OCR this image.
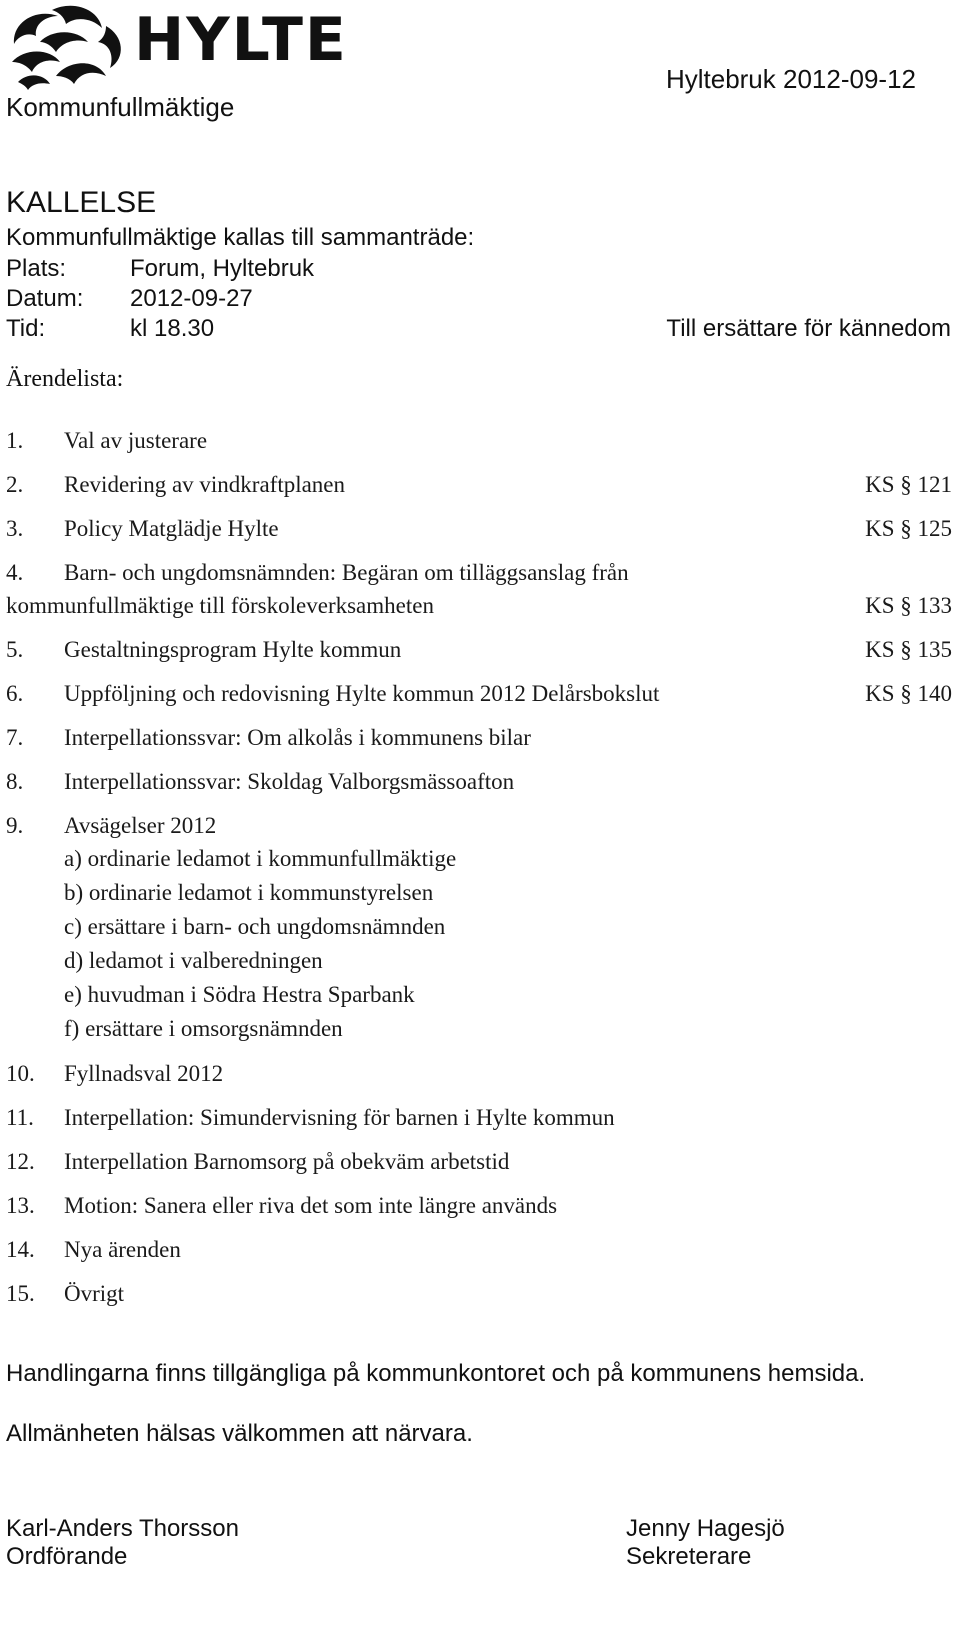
HYLTE
Kommunfullmäktige
Hyltebruk 2012-09-12
KALLELSE
Kommunfullmäktige kallas till sammanträde:
Plats:	Forum, Hyltebruk
Datum: 2012-09-27
Tid:	kl 18.30	Till ersättare för kännedom
Ärendelista:
1.	Val av justerare
2.	Revidering av vindkraftplanen	KS § 121
3.	Policy Matglädje Hylte	KS § 125
4.	Barn- och ungdomsnämnden: Begäran om tilläggsanslag från
kommunfullmäktige till förskoleverksamheten	KS § 133
5.	Gestaltningsprogram Hylte kommun	KS § 135
6.	Uppföljning och redovisning Hylte kommun 2012 Delårsbokslut	KS § 140
7.	Interpellationssvar: Om alkolås i kommunens bilar
8.	Interpellationssvar: Skoldag Valborgsmässoafton
9.	Avsägelser 2012
a) ordinarie ledamot i kommunfullmäktige
b) ordinarie ledamot i kommunstyrelsen
c) ersättare i barn- och ungdomsnämnden
d) ledamot i valberedningen
e) huvudman i Södra Hestra Sparbank
f) ersättare i omsorgsnämnden
10.	Fyllnadsval 2012
11.	Interpellation: Simundervisning för barnen i Hylte kommun
12.	Interpellation Barnomsorg på obekväm arbetstid
13.	Motion: Sanera eller riva det som inte längre används
14.	Nya ärenden
15.	Övrigt
Handlingarna finns tillgängliga på kommunkontoret och på kommunens hemsida.
Allmänheten hälsas välkommen att närvara.
Karl-Anders Thorsson
Ordförande
Jenny Hagesjö
Sekreterare
